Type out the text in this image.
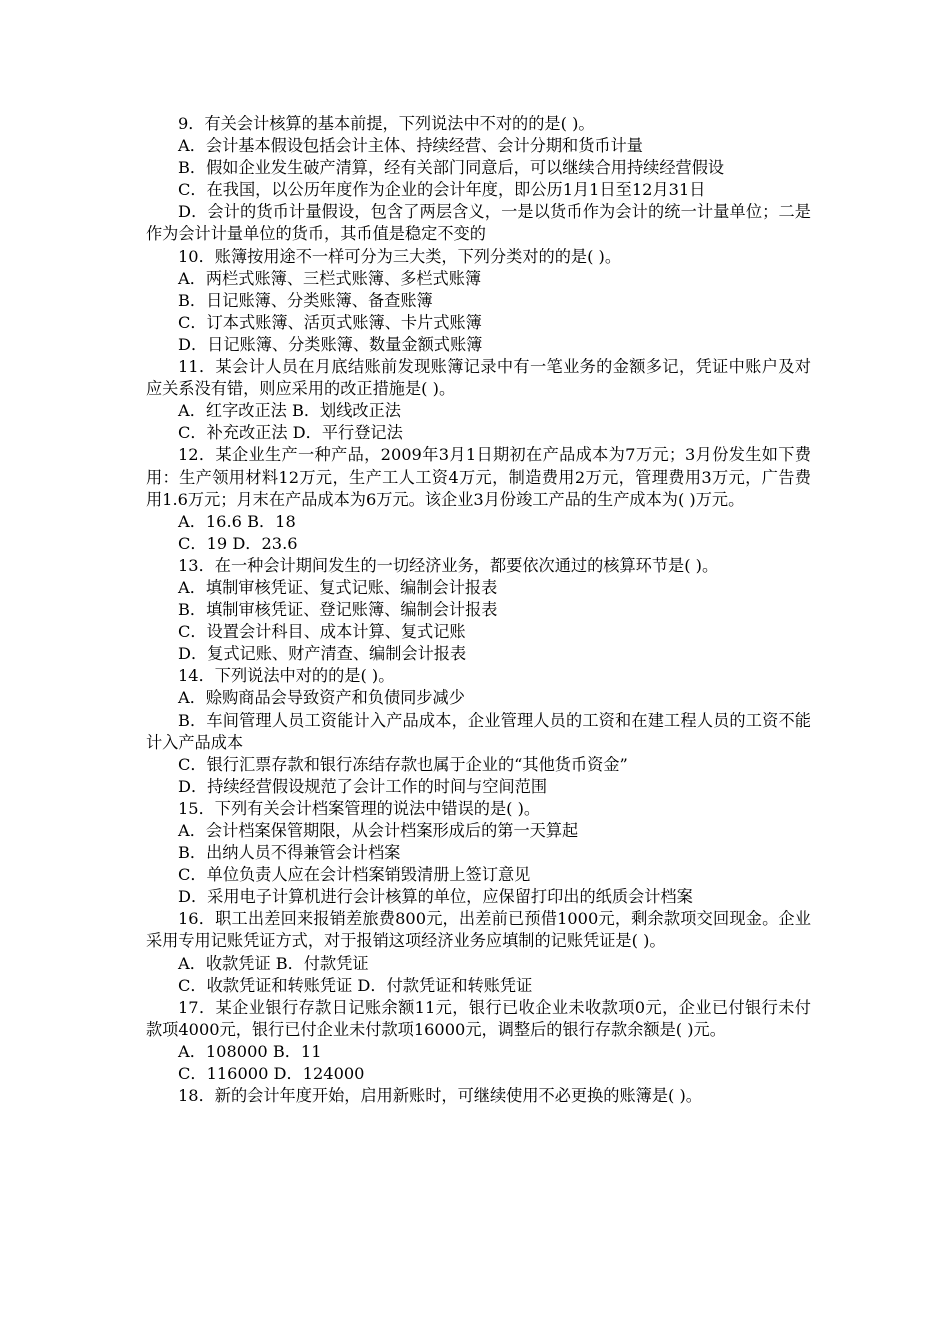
9．有关会计核算的基本前提，下列说法中不对的的是( )。

A．会计基本假设包括会计主体、持续经营、会计分期和货币计量

B．假如企业发生破产清算，经有关部门同意后，可以继续合用持续经营假设

C．在我国，以公历年度作为企业的会计年度，即公历1月1日至12月31日

D．会计的货币计量假设，包含了两层含义，一是以货币作为会计的统一计量单位；二是作为会计计量单位的货币，其币值是稳定不变的

10．账簿按用途不一样可分为三大类，下列分类对的的是( )。

A．两栏式账簿、三栏式账簿、多栏式账簿

B．日记账簿、分类账簿、备查账簿

C．订本式账簿、活页式账簿、卡片式账簿

D．日记账簿、分类账簿、数量金额式账簿

11．某会计人员在月底结账前发现账簿记录中有一笔业务的金额多记，凭证中账户及对应关系没有错，则应采用的改正措施是( )。

A．红字改正法 B．划线改正法

C．补充改正法 D．平行登记法

12．某企业生产一种产品，2009年3月1日期初在产品成本为7万元；3月份发生如下费用：生产领用材料12万元，生产工人工资4万元，制造费用2万元，管理费用3万元，广告费用1.6万元；月末在产品成本为6万元。该企业3月份竣工产品的生产成本为( )万元。

A．16.6 B．18

C．19 D．23.6

13．在一种会计期间发生的一切经济业务，都要依次通过的核算环节是( )。

A．填制审核凭证、复式记账、编制会计报表

B．填制审核凭证、登记账簿、编制会计报表

C．设置会计科目、成本计算、复式记账

D．复式记账、财产清查、编制会计报表

14．下列说法中对的的是( )。

A．赊购商品会导致资产和负债同步减少

B．车间管理人员工资能计入产品成本，企业管理人员的工资和在建工程人员的工资不能计入产品成本

C．银行汇票存款和银行冻结存款也属于企业的“其他货币资金”

D．持续经营假设规范了会计工作的时间与空间范围

15．下列有关会计档案管理的说法中错误的是( )。

A．会计档案保管期限，从会计档案形成后的第一天算起

B．出纳人员不得兼管会计档案

C．单位负责人应在会计档案销毁清册上签订意见

D．采用电子计算机进行会计核算的单位，应保留打印出的纸质会计档案

16．职工出差回来报销差旅费800元，出差前已预借1000元，剩余款项交回现金。企业采用专用记账凭证方式，对于报销这项经济业务应填制的记账凭证是( )。

A．收款凭证 B．付款凭证

C．收款凭证和转账凭证 D．付款凭证和转账凭证

17．某企业银行存款日记账余额11元，银行已收企业未收款项0元，企业已付银行未付款项4000元，银行已付企业未付款项16000元，调整后的银行存款余额是( )元。

A．108000 B．11

C．116000 D．124000

18．新的会计年度开始，启用新账时，可继续使用不必更换的账簿是( )。
